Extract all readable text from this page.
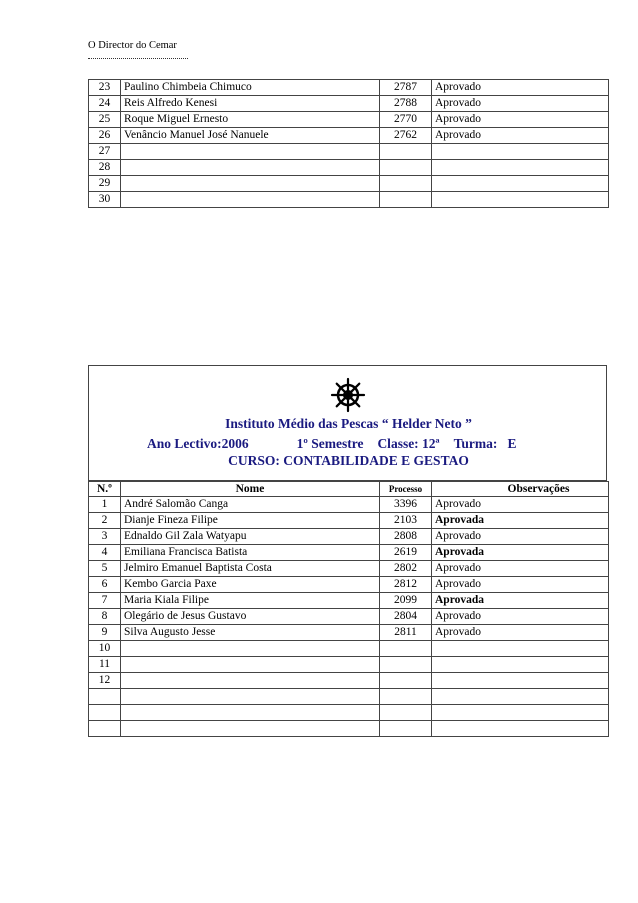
O Director do Cemar
23	Paulino Chimbeia Chimuco	2787	Aprovado
24	Reis Alfredo Kenesi	2788	Aprovado
25	Roque Miguel Ernesto	2770	Aprovado
26	Venâncio Manuel José Nanuele	2762	Aprovado
27			
28			
29			
30			
Instituto Médio das Pescas “ Helder Neto ”
Ano Lectivo:2006	1º Semestre Classe: 12ª Turma:   E
CURSO: CONTABILIDADE E GESTAO
N.º	Nome	Processo	Observações
1	André Salomão Canga	3396	Aprovado
2	Dianje Fineza Filipe	2103	Aprovada
3	Ednaldo Gil Zala Watyapu	2808	Aprovado
4	Emiliana Francisca Batista	2619	Aprovada
5	Jelmiro Emanuel Baptista Costa	2802	Aprovado
6	Kembo Garcia Paxe	2812	Aprovado
7	Maria Kiala Filipe	2099	Aprovada
8	Olegário de Jesus Gustavo	2804	Aprovado
9	Silva Augusto Jesse	2811	Aprovado
10			
11			
12			
